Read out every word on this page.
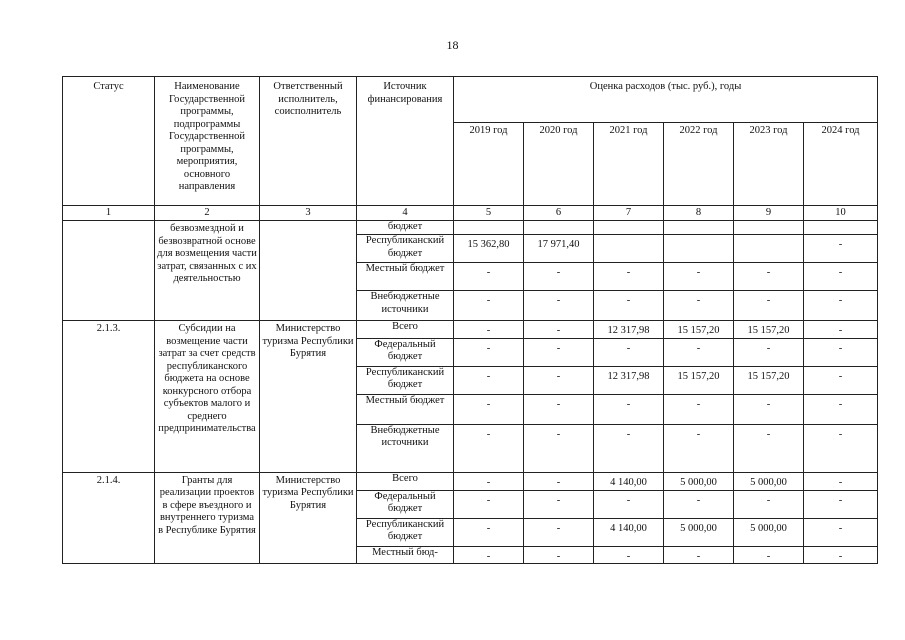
18
Статус	Наименование Государственной программы, подпрограммы Государственной программы, мероприятия, основного направления	Ответственный исполнитель, соисполнитель	Источник финансирования	Оценка расходов (тыс. руб.), годы					
				2019 год	2020 год	2021 год	2022 год	2023 год	2024 год
1	2	3	4	5	6	7	8	9	10
	безвозмездной и безвозвратной основе для возмещения части затрат, связанных с их деятельностью		бюджет						
			Республиканский бюджет	15 362,80	17 971,40				-
			Местный бюджет	-	-	-	-	-	-
			Внебюджетные источники	-	-	-	-	-	-
2.1.3.	Субсидии на возмещение части затрат за счет средств республиканского бюджета на основе конкурсного отбора субъектов малого и среднего предпринимательства	Министерство туризма Республики Бурятия	Всего	-	-	12 317,98	15 157,20	15 157,20	-
			Федеральный бюджет	-	-	-	-	-	-
			Республиканский бюджет	-	-	12 317,98	15 157,20	15 157,20	-
			Местный бюджет	-	-	-	-	-	-
			Внебюджетные источники	-	-	-	-	-	-
2.1.4.	Гранты для реализации проектов в сфере въездного и внутреннего туризма в Республике Бурятия	Министерство туризма Республики Бурятия	Всего	-	-	4 140,00	5 000,00	5 000,00	-
			Федеральный бюджет	-	-	-	-	-	-
			Республиканский бюджет	-	-	4 140,00	5 000,00	5 000,00	-
			Местный бюд-	-	-	-	-	-	-
